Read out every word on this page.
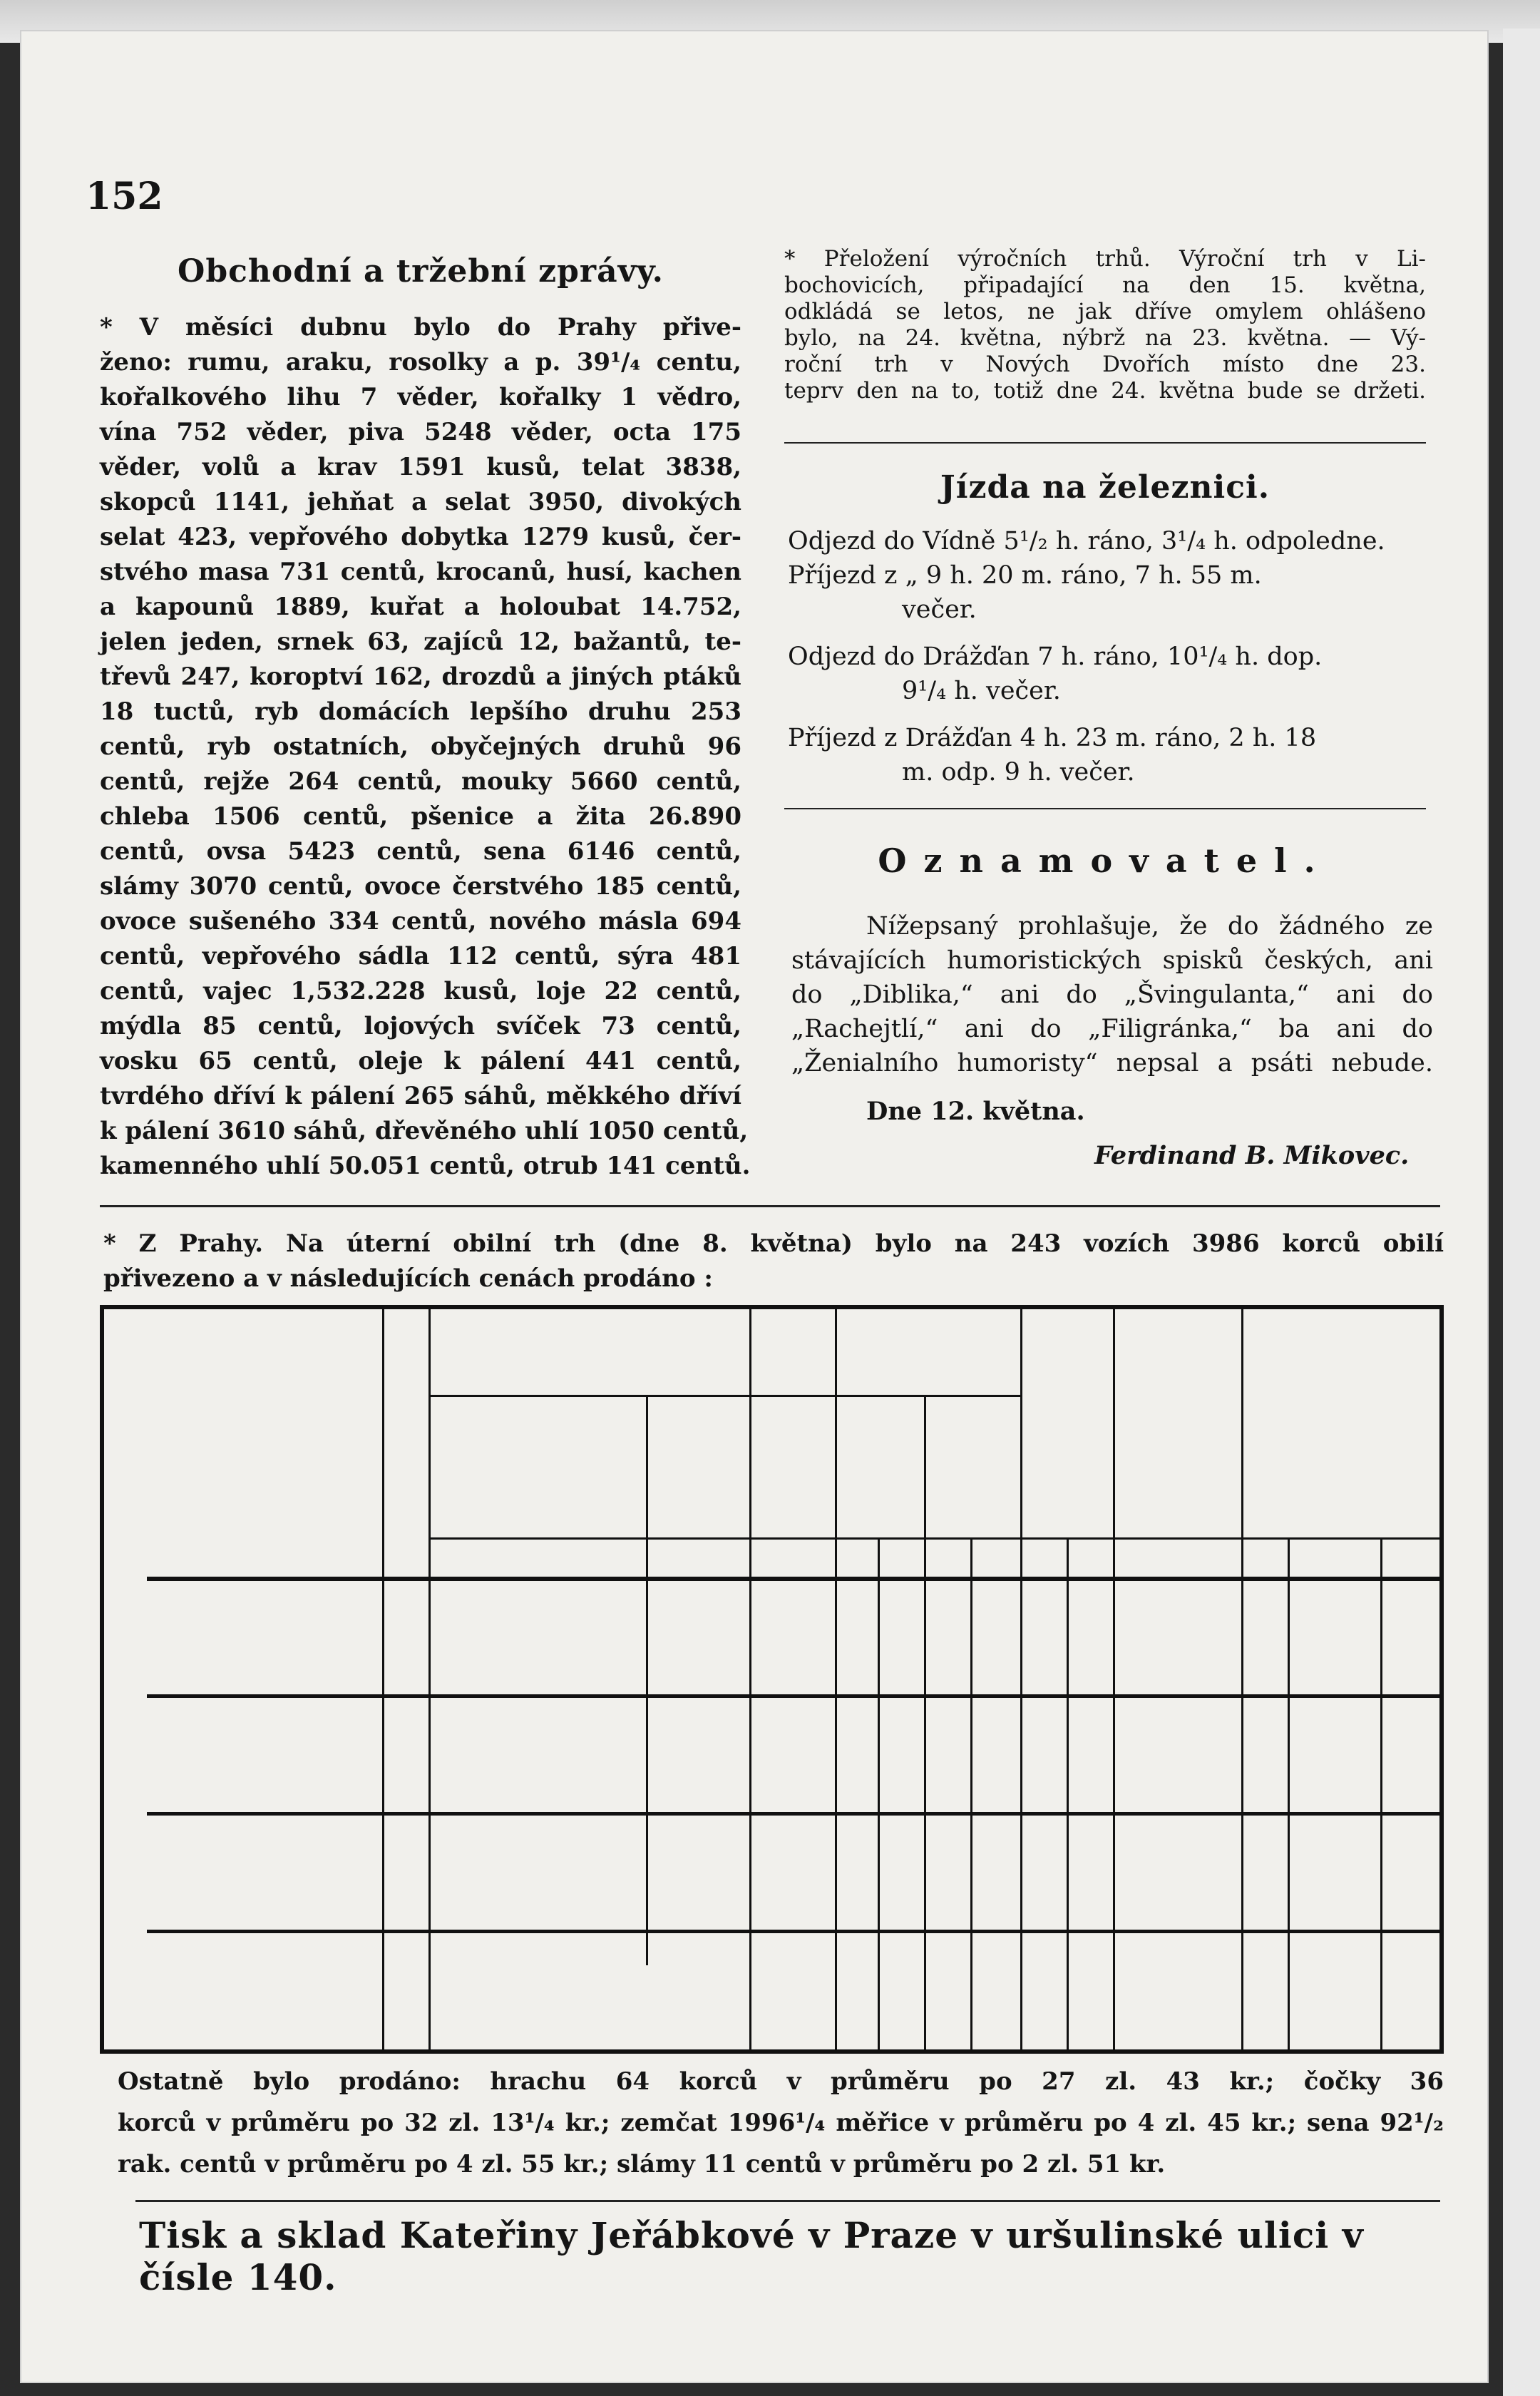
152
Obchodní a tržební zprávy.
* V měsíci dubnu bylo do Prahy přive-
ženo: rumu, araku, rosolky a p. 39¹/₄ centu,
kořalkového lihu 7 věder, kořalky 1 vědro,
vína 752 věder, piva 5248 věder, octa 175
věder, volů a krav 1591 kusů, telat 3838,
skopců 1141, jehňat a selat 3950, divokých
selat 423, vepřového dobytka 1279 kusů, čer-
stvého masa 731 centů, krocanů, husí, kachen
a kapounů 1889, kuřat a holoubat 14.752,
jelen jeden, srnek 63, zajíců 12, bažantů, te-
třevů 247, koroptví 162, drozdů a jiných ptáků
18 tuctů, ryb domácích lepšího druhu 253
centů, ryb ostatních, obyčejných druhů 96
centů, rejže 264 centů, mouky 5660 centů,
chleba 1506 centů, pšenice a žita 26.890
centů, ovsa 5423 centů, sena 6146 centů,
slámy 3070 centů, ovoce čerstvého 185 centů,
ovoce sušeného 334 centů, nového másla 694
centů, vepřového sádla 112 centů, sýra 481
centů, vajec 1,532.228 kusů, loje 22 centů,
mýdla 85 centů, lojových svíček 73 centů,
vosku 65 centů, oleje k pálení 441 centů,
tvrdého dříví k pálení 265 sáhů, měkkého dříví
k pálení 3610 sáhů, dřevěného uhlí 1050 centů,
kamenného uhlí 50.051 centů, otrub 141 centů.
* Přeložení výročních trhů. Výroční trh v Li-
bochovicích, připadající na den 15. května,
odkládá se letos, ne jak dříve omylem ohlášeno
bylo, na 24. května, nýbrž na 23. května. — Vý-
roční trh v Nových Dvořích místo dne 23.
teprv den na to, totiž dne 24. května bude se držeti.
Jízda na železnici.
Odjezd do Vídně 5¹/₂ h. ráno, 3¹/₄ h. odpoledne.
Příjezd z „ 9 h. 20 m. ráno, 7 h. 55 m.
večer.
Odjezd do Drážďan 7 h. ráno, 10¹/₄ h. dop.
9¹/₄ h. večer.
Příjezd z Drážďan 4 h. 23 m. ráno, 2 h. 18
m. odp. 9 h. večer.
Oznamovatel.
Nížepsaný prohlašuje, že do žádného ze
stávajících humoristických spisků českých, ani
do „Diblika,“ ani do „Švingulanta,“ ani do
„Rachejtlí,“ ani do „Filigránka,“ ba ani do
„Ženialního humoristy“ nepsal a psáti nebude.
Dne 12. května.
Ferdinand B. Mikovec.
* Z Prahy. Na úterní obilní trh (dne 8. května) bylo na 243 vozích 3986 korců obilí
přivezeno a v následujících cenách prodáno :
Ostatně bylo prodáno: hrachu 64 korců v průměru po 27 zl. 43 kr.; čočky 36
korců v průměru po 32 zl. 13¹/₄ kr.; zemčat 1996¹/₄ měřice v průměru po 4 zl. 45 kr.; sena 92¹/₂
rak. centů v průměru po 4 zl. 55 kr.; slámy 11 centů v průměru po 2 zl. 51 kr.
Tisk a sklad Kateřiny Jeřábkové v Praze v uršulinské ulici v čísle 140.
